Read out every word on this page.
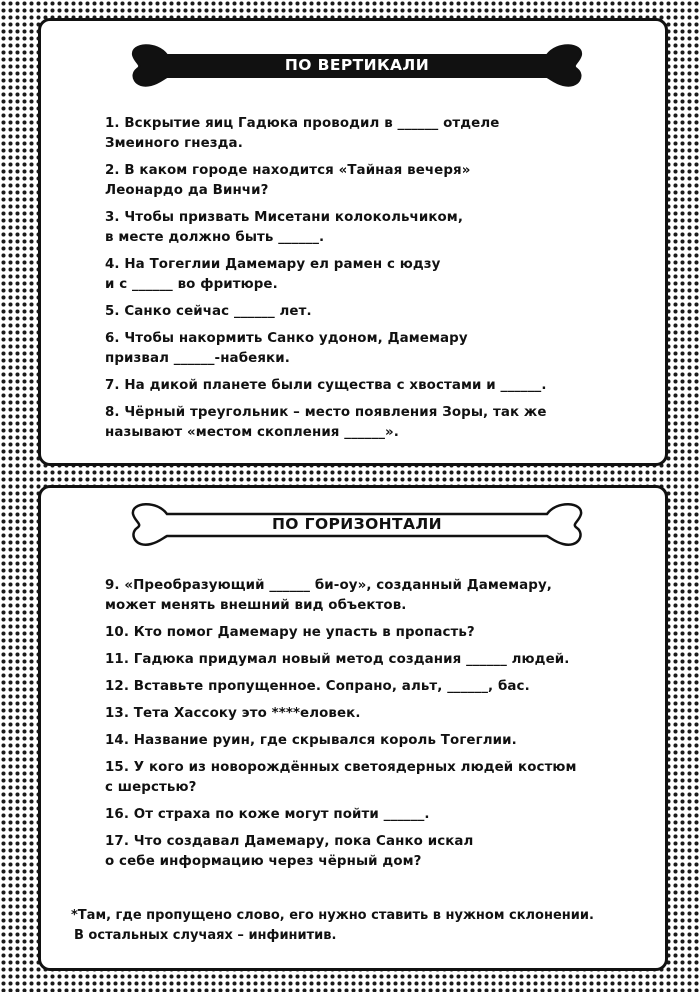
ПО ВЕРТИКАЛИ
1. Вскрытие яиц Гадюка проводил в ______ отделе
Змеиного гнезда.
2. В каком городе находится «Тайная вечеря»
Леонардо да Винчи?
3. Чтобы призвать Мисетани колокольчиком,
в месте должно быть ______.
4. На Тогеглии Дамемару ел рамен с юдзу
и с ______ во фритюре.
5. Санко сейчас ______ лет.
6. Чтобы накормить Санко удоном, Дамемару
призвал ______-набеяки.
7. На дикой планете были существа с хвостами и ______.
8. Чёрный треугольник – место появления Зоры, так же
называют «местом скопления ______».
ПО ГОРИЗОНТАЛИ
9. «Преобразующий ______ би-оу», созданный Дамемару,
может менять внешний вид объектов.
10. Кто помог Дамемару не упасть в пропасть?
11. Гадюка придумал новый метод создания ______ людей.
12. Вставьте пропущенное. Сопрано, альт, ______, бас.
13. Тета Хассоку это ****еловек.
14. Название руин, где скрывался король Тогеглии.
15. У кого из новорождённых светоядерных людей костюм
с шерстью?
16. От страха по коже могут пойти ______.
17. Что создавал Дамемару, пока Санко искал
о себе информацию через чёрный дом?

*Там, где пропущено слово, его нужно ставить в нужном склонении.
В остальных случаях – инфинитив.
